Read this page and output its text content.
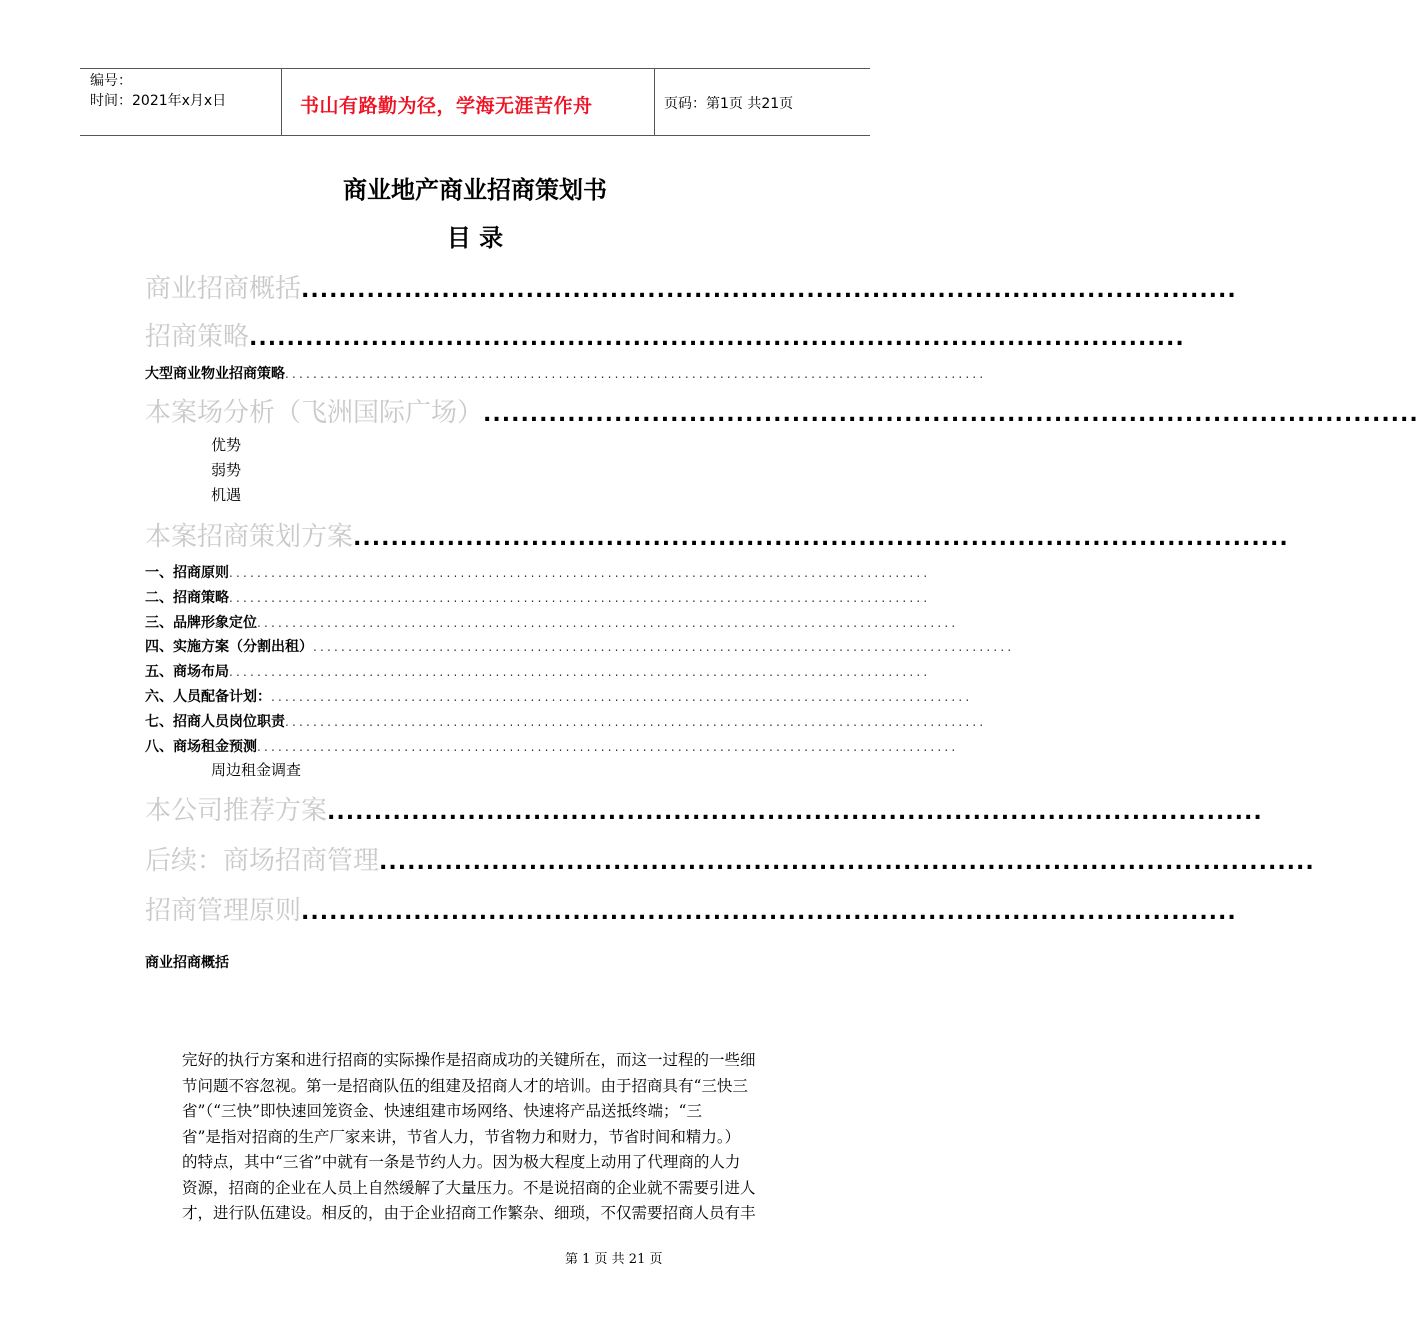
编号：
时间：2021年x月x日	书山有路勤为径，学海无涯苦作舟	页码：第1页 共21页
商业地产商业招商策划书
目 录
商业招商概括 ....................................................................................................
招商策略 ....................................................................................................
大型商业物业招商策略 ....................................................................................................
本案场分析（飞洲国际广场） ....................................................................................................
优势
弱势
机遇
本案招商策划方案 ....................................................................................................
一、招商原则 ....................................................................................................
二、招商策略 ....................................................................................................
三、品牌形象定位 ....................................................................................................
四、实施方案（分割出租） ....................................................................................................
五、商场布局 ....................................................................................................
六、人员配备计划： ....................................................................................................
七、招商人员岗位职责 ....................................................................................................
八、商场租金预测 ....................................................................................................
周边租金调查
本公司推荐方案 ....................................................................................................
后续：商场招商管理 ....................................................................................................
招商管理原则 ....................................................................................................
商业招商概括
完好的执行方案和进行招商的实际操作是招商成功的关键所在，而这一过程的一些细
节问题不容忽视。第一是招商队伍的组建及招商人才的培训。由于招商具有“三快三
省”（“三快”即快速回笼资金、快速组建市场网络、快速将产品送抵终端；“三
省”是指对招商的生产厂家来讲，节省人力，节省物力和财力，节省时间和精力。）
的特点，其中“三省”中就有一条是节约人力。因为极大程度上动用了代理商的人力
资源，招商的企业在人员上自然缓解了大量压力。不是说招商的企业就不需要引进人
才，进行队伍建设。相反的，由于企业招商工作繁杂、细琐，不仅需要招商人员有丰
第 1 页 共 21 页
